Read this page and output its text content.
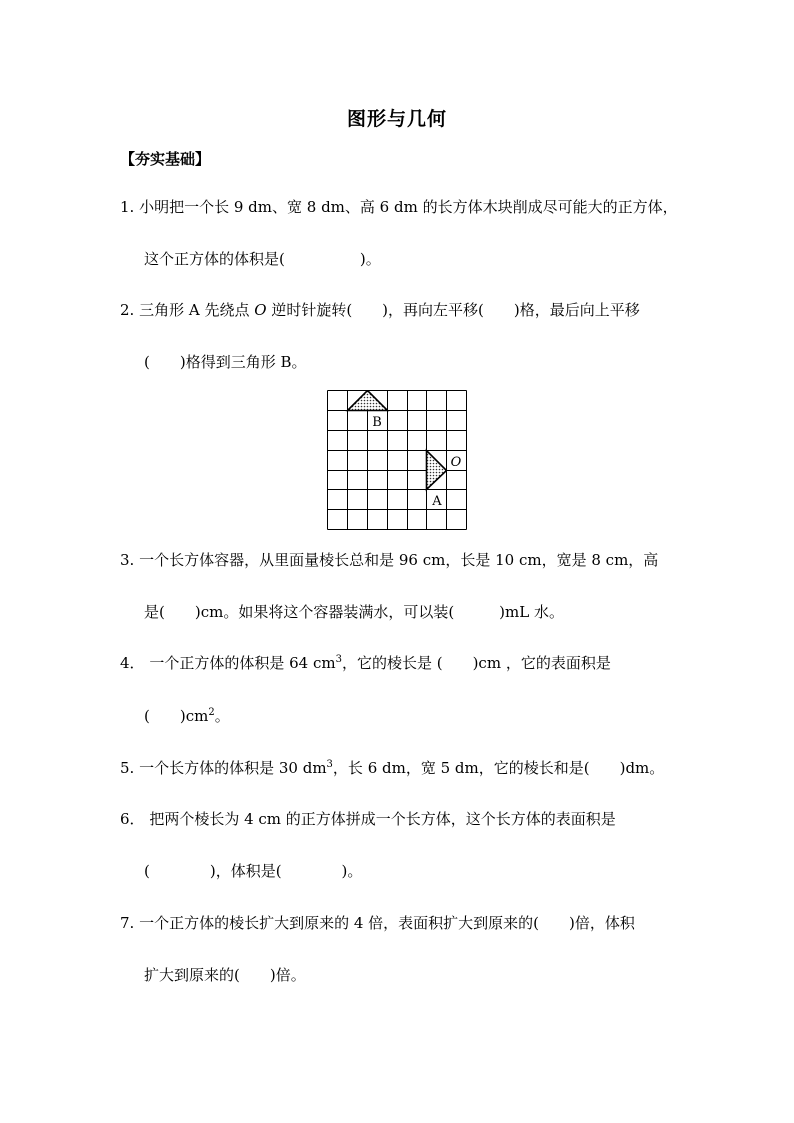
图形与几何
【夯实基础】
1. 小明把一个长 9 dm、宽 8 dm、高 6 dm 的长方体木块削成尽可能大的正方体，
这个正方体的体积是(　　　　　)。
2. 三角形 A 先绕点 O 逆时针旋转(　　)，再向左平移(　　)格，最后向上平移
(　　)格得到三角形 B。
B
A
O
3. 一个长方体容器，从里面量棱长总和是 96 cm，长是 10 cm，宽是 8 cm，高
是(　　)cm。如果将这个容器装满水，可以装(　　　)mL 水。
4． 一个正方体的体积是 64 $cm^3$，它的棱长是 (　　)cm ，它的表面积是
(　　)$cm^2$。
5. 一个长方体的体积是 30 $dm^3$，长 6 dm，宽 5 dm，它的棱长和是(　　)dm。
6． 把两个棱长为 4 cm 的正方体拼成一个长方体，这个长方体的表面积是
(　　　　)，体积是(　　　　)。
7. 一个正方体的棱长扩大到原来的 4 倍，表面积扩大到原来的(　　)倍，体积
扩大到原来的(　　)倍。
